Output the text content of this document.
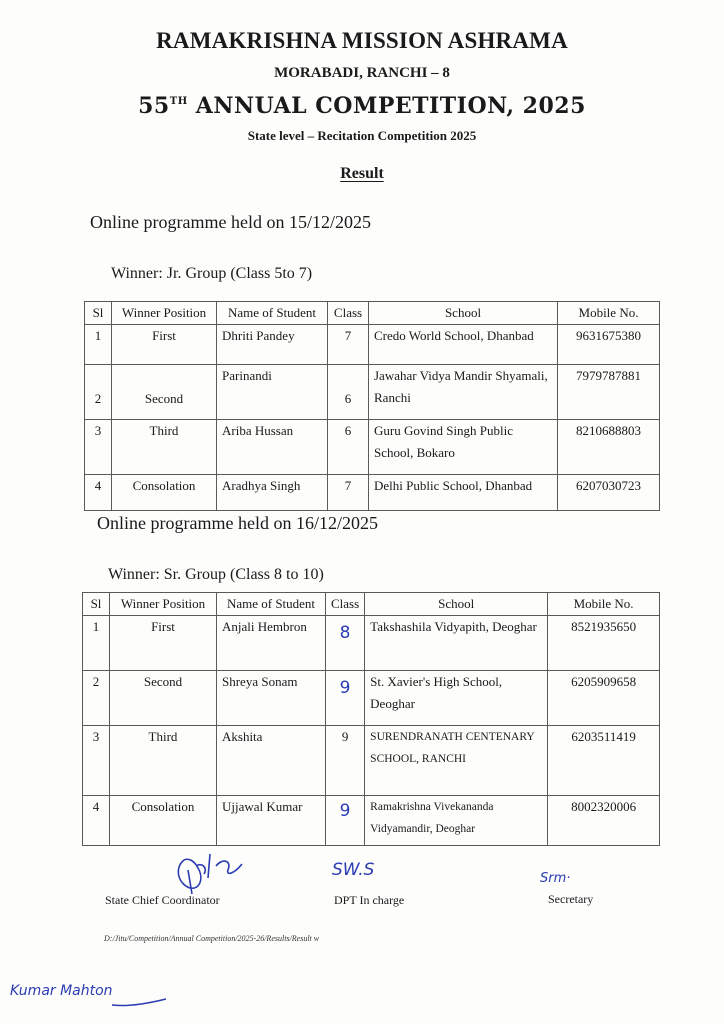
RAMAKRISHNA MISSION ASHRAMA
MORABADI, RANCHI – 8
55TH ANNUAL COMPETITION, 2025
State level – Recitation Competition 2025
Result
Online programme held on 15/12/2025
Winner: Jr. Group (Class 5to 7)
Sl	Winner Position	Name of Student	Class	School	Mobile No.
1	First	Dhriti Pandey	7	Credo World School, Dhanbad	9631675380
2	Second	Parinandi	6	Jawahar Vidya Mandir Shyamali, Ranchi	7979787881
3	Third	Ariba Hussan	6	Guru Govind Singh Public School, Bokaro	8210688803
4	Consolation	Aradhya Singh	7	Delhi Public School, Dhanbad	6207030723
Online programme held on 16/12/2025
Winner: Sr. Group (Class 8 to 10)
Sl	Winner Position	Name of Student	Class	School	Mobile No.
1	First	Anjali Hembron	8	Takshashila Vidyapith, Deoghar	8521935650
2	Second	Shreya Sonam	9	St. Xavier's High School, Deoghar	6205909658
3	Third	Akshita	9	SURENDRANATH CENTENARY SCHOOL, RANCHI	6203511419
4	Consolation	Ujjawal Kumar	9	Ramakrishna Vivekananda Vidyamandir, Deoghar	8002320006
SW.S	Srm·
State Chief Coordinator	DPT In charge	Secretary
D:/Jitu/Competition/Annual Competition/2025-26/Results/Result w
Kumar Mahton
